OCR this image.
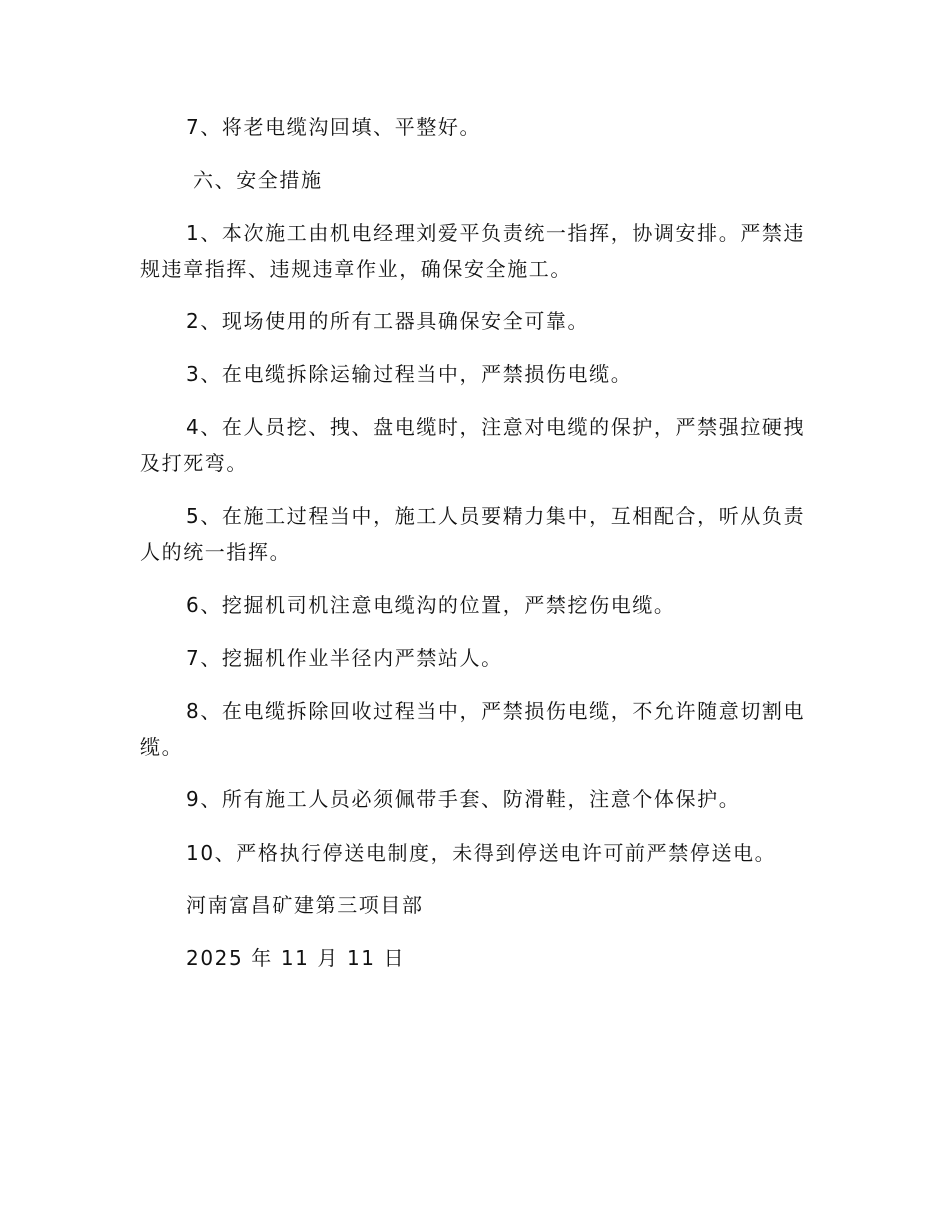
7、将老电缆沟回填、平整好。
六、安全措施
1、本次施工由机电经理刘爱平负责统一指挥，协调安排。严禁违
规违章指挥、违规违章作业，确保安全施工。
2、现场使用的所有工器具确保安全可靠。
3、在电缆拆除运输过程当中，严禁损伤电缆。
4、在人员挖、拽、盘电缆时，注意对电缆的保护，严禁强拉硬拽
及打死弯。
5、在施工过程当中，施工人员要精力集中，互相配合，听从负责
人的统一指挥。
6、挖掘机司机注意电缆沟的位置，严禁挖伤电缆。
7、挖掘机作业半径内严禁站人。
8、在电缆拆除回收过程当中，严禁损伤电缆，不允许随意切割电
缆。
9、所有施工人员必须佩带手套、防滑鞋，注意个体保护。
10、严格执行停送电制度，未得到停送电许可前严禁停送电。
河南富昌矿建第三项目部
2025 年 11 月 11 日
